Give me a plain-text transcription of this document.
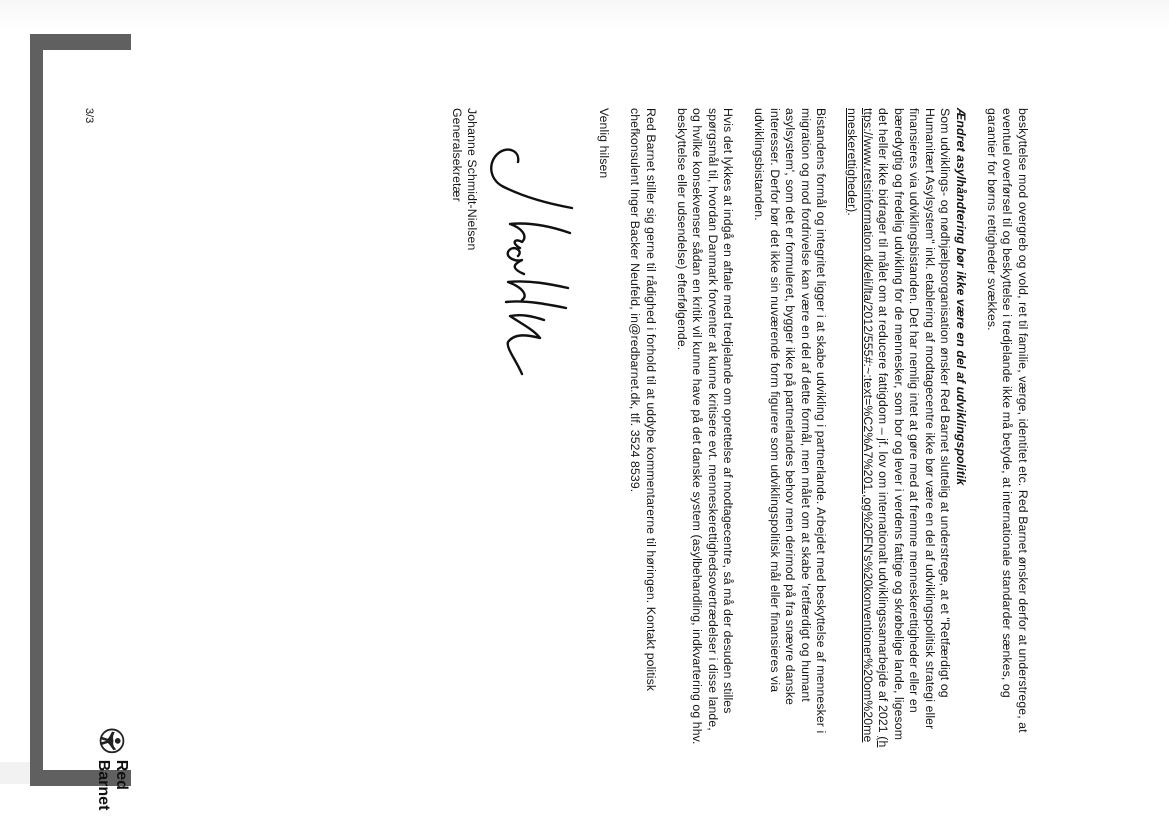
beskyttelse mod overgreb og vold, ret til familie, værge, identitet etc. Red Barnet ønsker derfor at understrege, at eventuel overførsel til og beskyttelse i tredjelande ikke må betyde, at internationale standarder sænkes, og garantier for børns rettigheder svækkes.

Ændret asylhåndtering bør ikke være en del af udviklingspolitik
Som udviklings- og nødhjælpsorganisation ønsker Red Barnet sluttelig at understrege, at et "Retfærdigt og Humanitært Asylsystem" inkl. etablering af modtagecentre ikke bør være en del af udviklingspolitisk strategi eller finansieres via udviklingsbistanden. Det har nemlig intet at gøre med at fremme menneskerettigheder eller en bæredygtig og fredelig udvikling for de mennesker, som bor og lever i verdens fattige og skrøbelige lande, ligesom det heller ikke bidrager til målet om at reducere fattigdom – jf. lov om internationalt udviklingssamarbejde af 2021 (https://www.retsinformation.dk/eli/lta/2012/555#:~:text=%C2%A7%201.,og%20FN's%20konventioner%20om%20menneskerettigheder).

Bistandens formål og integritet ligger i at skabe udvikling i partnerlande. Arbejdet med beskyttelse af mennesker i migration og mod fordrivelse kan være en del af dette formål, men målet om at skabe 'retfærdigt og humant asylsystem', som det er formuleret, bygger ikke på partnerlandes behov men derimod på fra snævre danske interesser. Derfor bør det ikke sin nuværende form figurere som udviklingspolitisk mål eller finansieres via udviklingsbistanden.

Hvis det lykkes at indgå en aftale med tredjelande om oprettelse af modtagecentre, så må der desuden stilles spørgsmål til, hvordan Danmark forventer at kunne kritisere evt. menneskerettighedsovertrædelser i disse lande, og hvilke konsekvenser sådan en kritik vil kunne have på det danske system (asylbehandling, indkvartering og hhv. beskyttelse eller udsendelse) efterfølgende.

Red Barnet stiller sig gerne til rådighed i forhold til at uddybe kommentarerne til høringen. Kontakt politisk chefkonsulent Inger Backer Neufeld, in@redbarnet.dk, tlf. 3524 8539.

Venlig hilsen

Johanne Schmidt-Nielsen

Generalsekretær

3/3
Red Barnet
